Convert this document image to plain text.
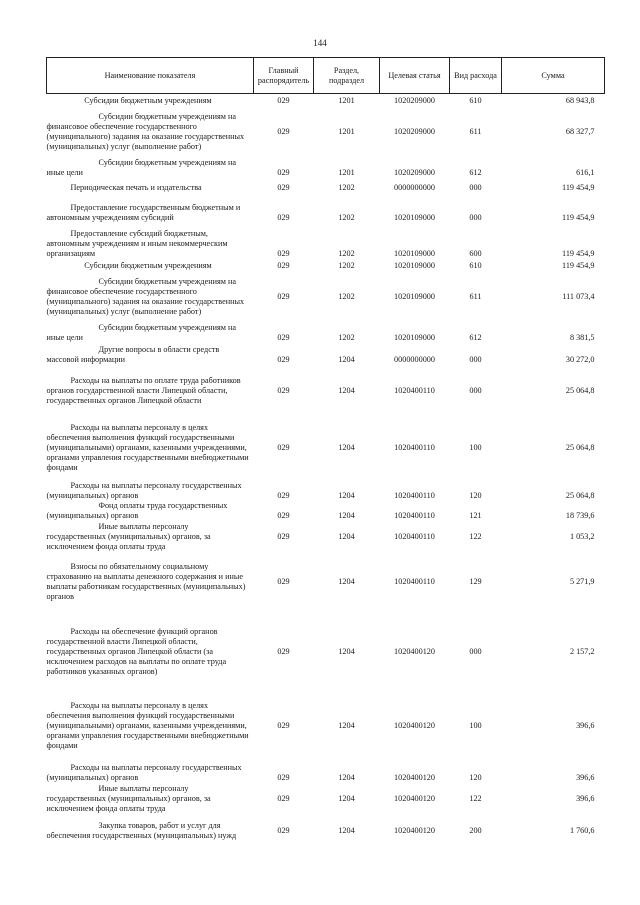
144
Наименование показателя	Главный распорядитель	Раздел, подраздел	Целевая статья	Вид расхода	Сумма

Субсидии бюджетным учреждениям	029	1201	1020209000	610	68 943,8

Субсидии бюджетным учреждениям на финансовое обеспечение государственного (муниципального) задания на оказание государственных (муниципальных) услуг (выполнение работ)	029	1201	1020209000	611	68 327,7

Субсидии бюджетным учреждениям на иные цели	029	1201	1020209000	612	616,1

Периодическая печать и издательства	029	1202	0000000000	000	119 454,9

Предоставление государственным бюджетным и автономным учреждениям субсидий	029	1202	1020109000	000	119 454,9

Предоставление субсидий бюджетным, автономным учреждениям и иным некоммерческим организациям	029	1202	1020109000	600	119 454,9

Субсидии бюджетным учреждениям	029	1202	1020109000	610	119 454,9

Субсидии бюджетным учреждениям на финансовое обеспечение государственного (муниципального) задания на оказание государственных (муниципальных) услуг (выполнение работ)	029	1202	1020109000	611	111 073,4

Субсидии бюджетным учреждениям на иные цели	029	1202	1020109000	612	8 381,5

Другие вопросы в области средств массовой информации	029	1204	0000000000	000	30 272,0

Расходы на выплаты по оплате труда работников органов государственной власти Липецкой области, государственных органов Липецкой области	029	1204	1020400110	000	25 064,8

Расходы на выплаты персоналу в целях обеспечения выполнения функций государственными (муниципальными) органами, казенными учреждениями, органами управления государственными внебюджетными фондами	029	1204	1020400110	100	25 064,8

Расходы на выплаты персоналу государственных (муниципальных) органов	029	1204	1020400110	120	25 064,8

Фонд оплаты труда государственных (муниципальных) органов	029	1204	1020400110	121	18 739,6

Иные выплаты персоналу государственных (муниципальных) органов, за исключением фонда оплаты труда	029	1204	1020400110	122	1 053,2

Взносы по обязательному социальному страхованию на выплаты денежного содержания и иные выплаты работникам государственных (муниципальных) органов	029	1204	1020400110	129	5 271,9

Расходы на обеспечение функций органов государственной власти Липецкой области, государственных органов Липецкой области (за исключением расходов на выплаты по оплате труда работников указанных органов)	029	1204	1020400120	000	2 157,2

Расходы на выплаты персоналу в целях обеспечения выполнения функций государственными (муниципальными) органами, казенными учреждениями, органами управления государственными внебюджетными фондами	029	1204	1020400120	100	396,6

Расходы на выплаты персоналу государственных (муниципальных) органов	029	1204	1020400120	120	396,6

Иные выплаты персоналу государственных (муниципальных) органов, за исключением фонда оплаты труда	029	1204	1020400120	122	396,6

Закупка товаров, работ и услуг для обеспечения государственных (муниципальных) нужд	029	1204	1020400120	200	1 760,6
